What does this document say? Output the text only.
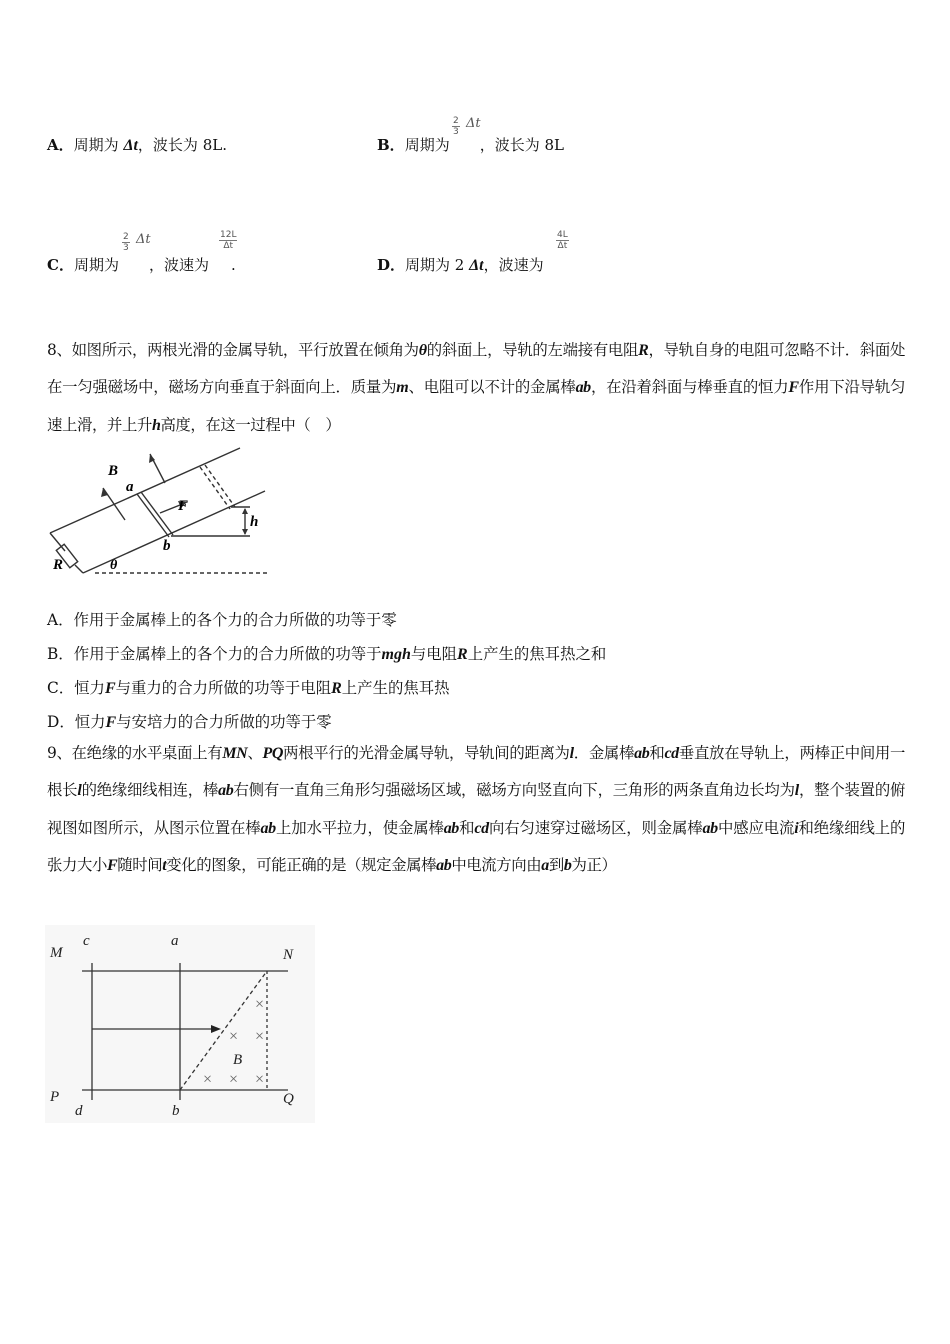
A．周期为 Δt，波长为 8L.	B．周期为 ，波长为 8L
$\frac{2}{3}$ Δt
C．周期为 ，波速为 .
$\frac{2}{3}$ Δt	$\frac{12L}{\Delta t}$
D．周期为 2 Δt，波速为
$\frac{4L}{\Delta t}$
8、如图所示，两根光滑的金属导轨，平行放置在倾角为θ的斜面上，导轨的左端接有电阻R，导轨自身的电阻可忽略不计．斜面处在一匀强磁场中，磁场方向垂直于斜面向上．质量为m、电阻可以不计的金属棒ab，在沿着斜面与棒垂直的恒力F作用下沿导轨匀速上滑，并上升h高度，在这一过程中（　）
B
a
F
b
h
R	θ
A．作用于金属棒上的各个力的合力所做的功等于零
B．作用于金属棒上的各个力的合力所做的功等于mgh与电阻R上产生的焦耳热之和
C．恒力F与重力的合力所做的功等于电阻R上产生的焦耳热
D．恒力F与安培力的合力所做的功等于零
9、在绝缘的水平桌面上有MN、PQ两根平行的光滑金属导轨，导轨间的距离为l．金属棒ab和cd垂直放在导轨上，两棒正中间用一根长l的绝缘细线相连，棒ab右侧有一直角三角形匀强磁场区域，磁场方向竖直向下，三角形的两条直角边长均为l，整个装置的俯视图如图所示，从图示位置在棒ab上加水平拉力，使金属棒ab和cd向右匀速穿过磁场区，则金属棒ab中感应电流i和绝缘细线上的张力大小F随时间t变化的图象，可能正确的是（规定金属棒ab中电流方向由a到b为正）
×
× ×
× × ×
M
c	a
N
P
d	b
Q
B
